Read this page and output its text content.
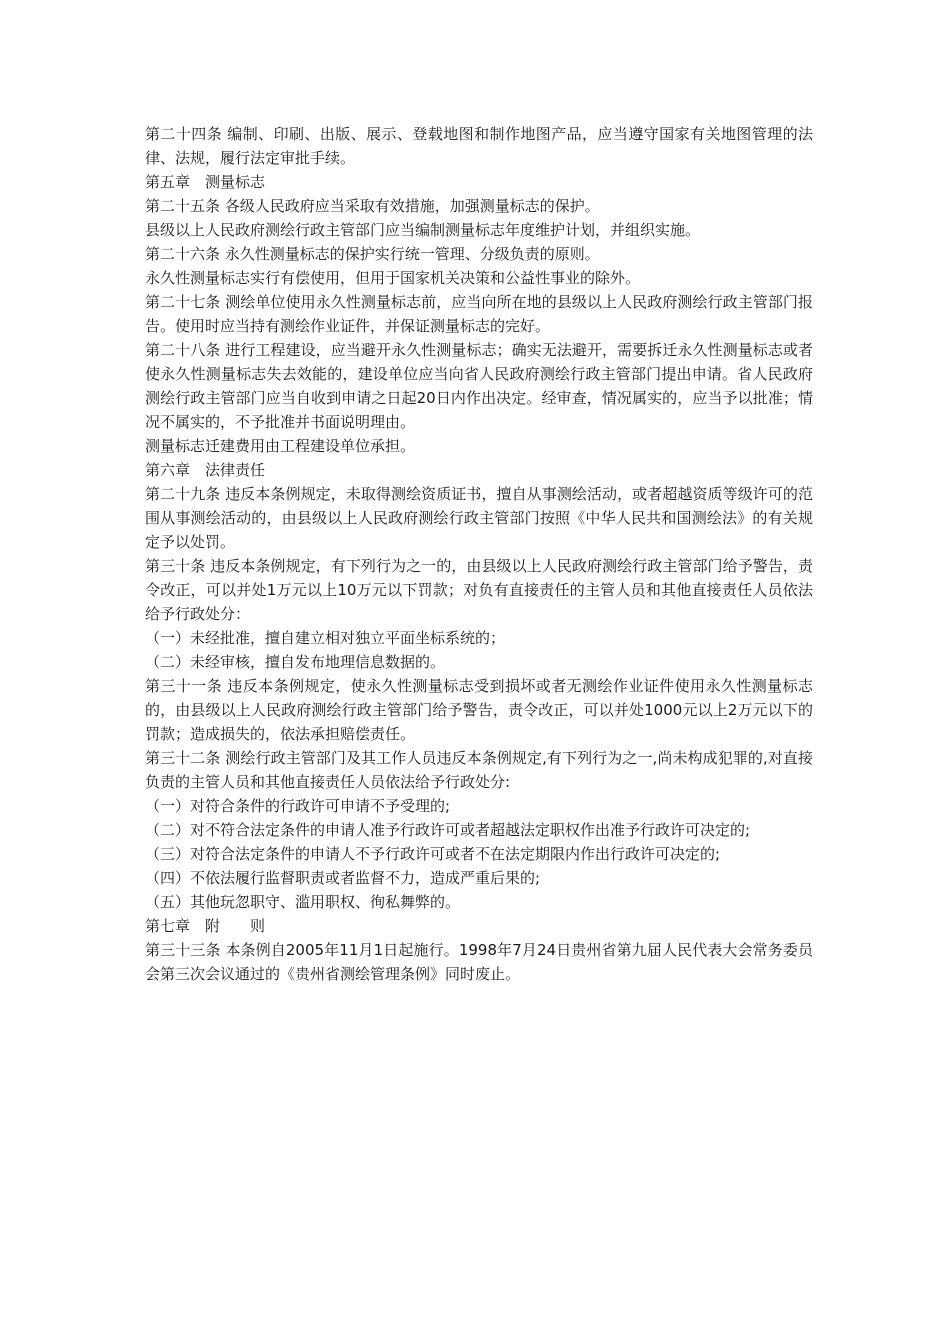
第二十四条 编制、印刷、出版、展示、登载地图和制作地图产品，应当遵守国家有关地图管理的法律、法规，履行法定审批手续。

第五章　测量标志

第二十五条 各级人民政府应当采取有效措施，加强测量标志的保护。

县级以上人民政府测绘行政主管部门应当编制测量标志年度维护计划，并组织实施。

第二十六条 永久性测量标志的保护实行统一管理、分级负责的原则。

永久性测量标志实行有偿使用，但用于国家机关决策和公益性事业的除外。

第二十七条 测绘单位使用永久性测量标志前，应当向所在地的县级以上人民政府测绘行政主管部门报告。使用时应当持有测绘作业证件，并保证测量标志的完好。

第二十八条 进行工程建设，应当避开永久性测量标志；确实无法避开，需要拆迁永久性测量标志或者使永久性测量标志失去效能的，建设单位应当向省人民政府测绘行政主管部门提出申请。省人民政府测绘行政主管部门应当自收到申请之日起20日内作出决定。经审查，情况属实的，应当予以批准；情况不属实的，不予批准并书面说明理由。

测量标志迁建费用由工程建设单位承担。

第六章　法律责任

第二十九条 违反本条例规定，未取得测绘资质证书，擅自从事测绘活动，或者超越资质等级许可的范围从事测绘活动的，由县级以上人民政府测绘行政主管部门按照《中华人民共和国测绘法》的有关规定予以处罚。

第三十条 违反本条例规定，有下列行为之一的，由县级以上人民政府测绘行政主管部门给予警告，责令改正，可以并处1万元以上10万元以下罚款；对负有直接责任的主管人员和其他直接责任人员依法给予行政处分：

（一）未经批准，擅自建立相对独立平面坐标系统的；

（二）未经审核，擅自发布地理信息数据的。

第三十一条 违反本条例规定，使永久性测量标志受到损坏或者无测绘作业证件使用永久性测量标志的，由县级以上人民政府测绘行政主管部门给予警告，责令改正，可以并处1000元以上2万元以下的罚款；造成损失的，依法承担赔偿责任。

第三十二条 测绘行政主管部门及其工作人员违反本条例规定,有下列行为之一,尚未构成犯罪的,对直接负责的主管人员和其他直接责任人员依法给予行政处分:

（一）对符合条件的行政许可申请不予受理的;

（二）对不符合法定条件的申请人准予行政许可或者超越法定职权作出准予行政许可决定的;

（三）对符合法定条件的申请人不予行政许可或者不在法定期限内作出行政许可决定的;

（四）不依法履行监督职责或者监督不力，造成严重后果的;

（五）其他玩忽职守、滥用职权、徇私舞弊的。

第七章　附　　则

第三十三条 本条例自2005年11月1日起施行。1998年7月24日贵州省第九届人民代表大会常务委员会第三次会议通过的《贵州省测绘管理条例》同时废止。
